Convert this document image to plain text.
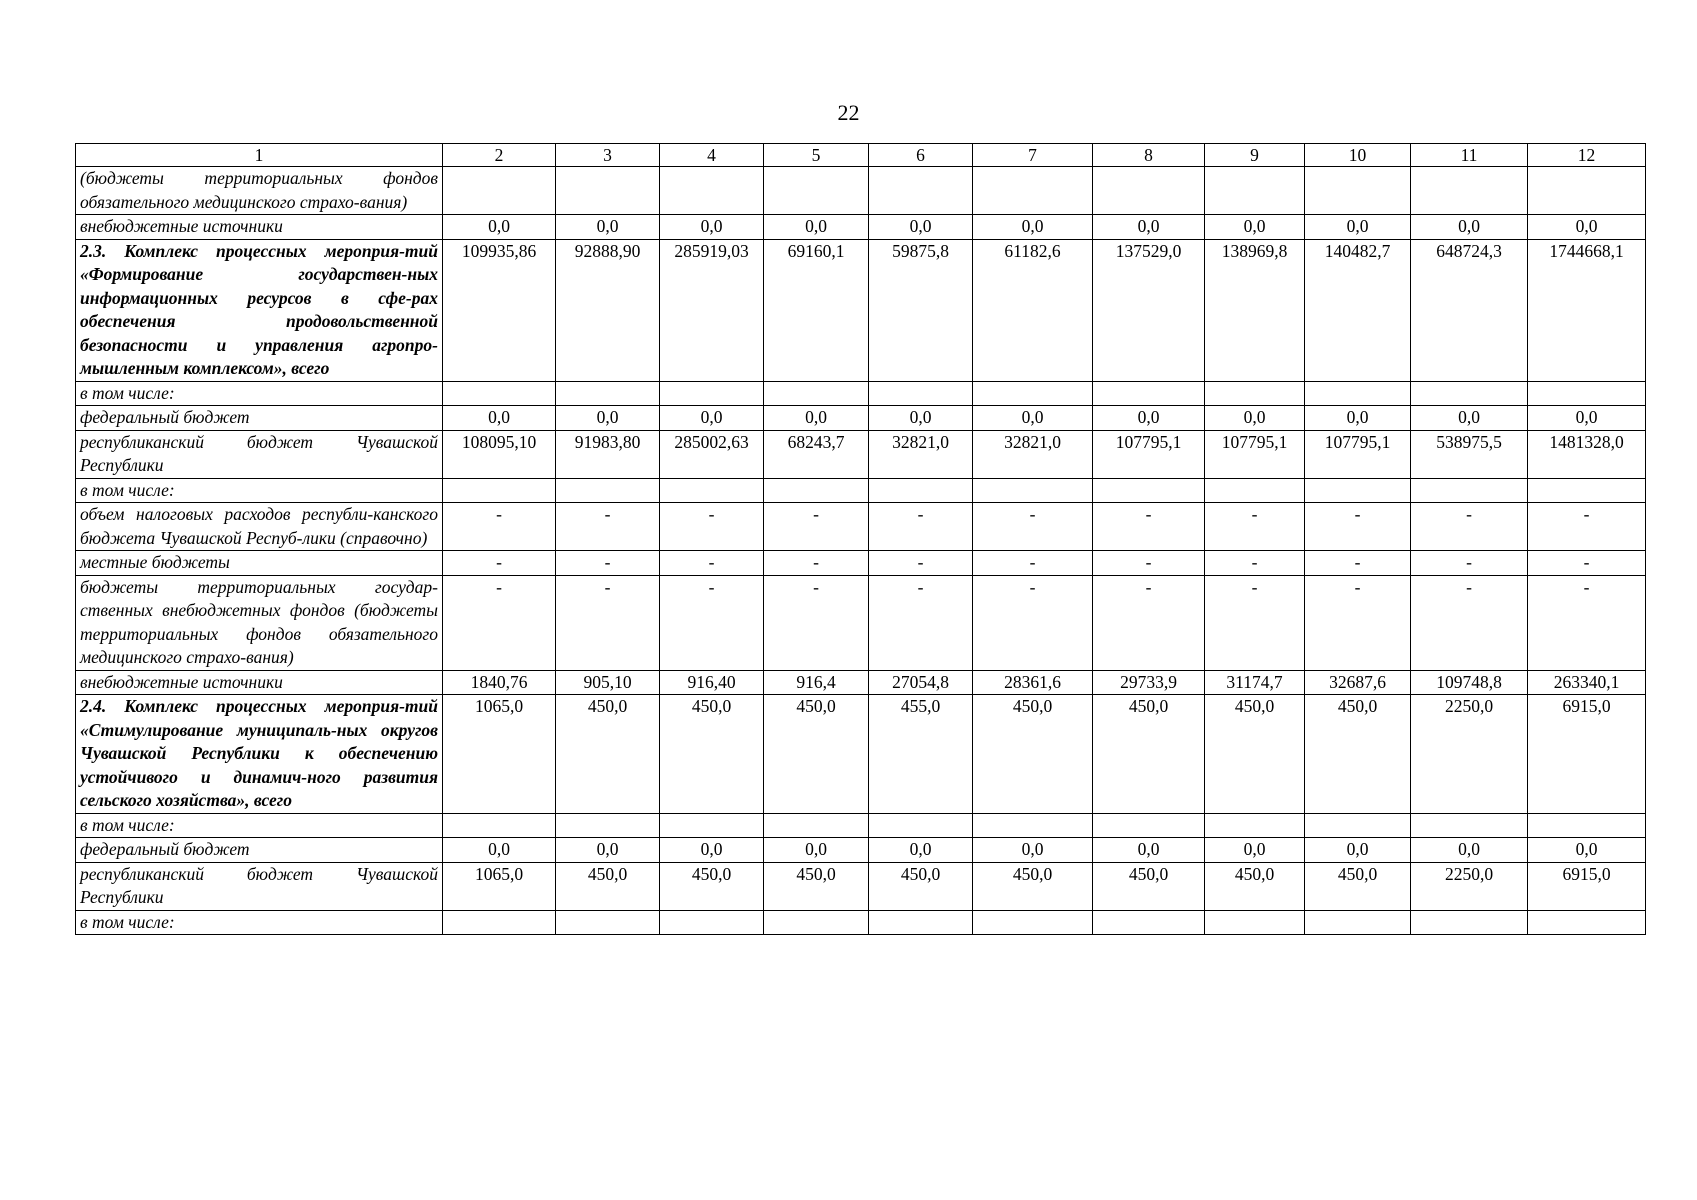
22
1	2	3	4	5	6	7	8	9	10	11	12
(бюджеты территориальных фондов обязательного медицинского страхо-вания)											
внебюджетные источники	0,0	0,0	0,0	0,0	0,0	0,0	0,0	0,0	0,0	0,0	0,0
2.3. Комплекс процессных мероприя-тий «Формирование государствен-ных информационных ресурсов в сфе-рах обеспечения продовольственной безопасности и управления агропро-мышленным комплексом», всего	109935,86	92888,90	285919,03	69160,1	59875,8	61182,6	137529,0	138969,8	140482,7	648724,3	1744668,1
в том числе:											
федеральный бюджет	0,0	0,0	0,0	0,0	0,0	0,0	0,0	0,0	0,0	0,0	0,0
республиканский бюджет Чувашской Республики	108095,10	91983,80	285002,63	68243,7	32821,0	32821,0	107795,1	107795,1	107795,1	538975,5	1481328,0
в том числе:											
объем налоговых расходов республи-канского бюджета Чувашской Респуб-лики (справочно)	-	-	-	-	-	-	-	-	-	-	-
местные бюджеты	-	-	-	-	-	-	-	-	-	-	-
бюджеты территориальных государ-ственных внебюджетных фондов (бюджеты территориальных фондов обязательного медицинского страхо-вания)	-	-	-	-	-	-	-	-	-	-	-
внебюджетные источники	1840,76	905,10	916,40	916,4	27054,8	28361,6	29733,9	31174,7	32687,6	109748,8	263340,1
2.4. Комплекс процессных мероприя-тий «Стимулирование муниципаль-ных округов Чувашской Республики к обеспечению устойчивого и динамич-ного развития сельского хозяйства», всего	1065,0	450,0	450,0	450,0	455,0	450,0	450,0	450,0	450,0	2250,0	6915,0
в том числе:											
федеральный бюджет	0,0	0,0	0,0	0,0	0,0	0,0	0,0	0,0	0,0	0,0	0,0
республиканский бюджет Чувашской Республики	1065,0	450,0	450,0	450,0	450,0	450,0	450,0	450,0	450,0	2250,0	6915,0
в том числе:											
